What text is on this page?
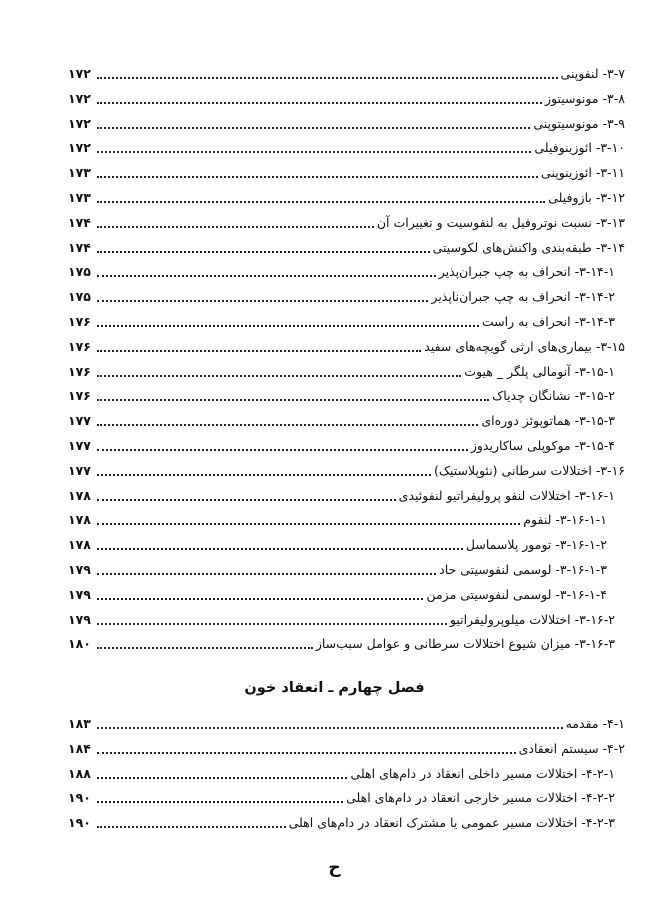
۳-۷- لنفوپنی
۱۷۲
۳-۸- مونوسیتوز
۱۷۲
۳-۹- مونوسیتوپنی
۱۷۲
۳-۱۰- ائوزینوفیلی
۱۷۲
۳-۱۱- ائوزینوپنی
۱۷۳
۳-۱۲- بازوفیلی
۱۷۳
۳-۱۳- نسبت نوتروفیل به لنفوسیت و تغییرات آن
۱۷۴
۳-۱۴- طبقه‌بندی واکنش‌های لکوسیتی
۱۷۴
۳-۱۴-۱- انحراف به چپ جبران‌پذیر
۱۷۵
۳-۱۴-۲- انحراف به چپ جبران‌ناپذیر
۱۷۵
۳-۱۴-۳- انحراف به راست
۱۷۶
۳-۱۵- بیماری‌های ارثی گویچه‌های سفید
۱۷۶
۳-۱۵-۱- آنومالی پلگر _ هیوت
۱۷۶
۳-۱۵-۲- نشانگان چدیاک
۱۷۶
۳-۱۵-۳- هماتوپوئز دوره‌ای
۱۷۷
۳-۱۵-۴- موکوپلی ساکاریدوز
۱۷۷
۳-۱۶- اختلالات سرطانی (نئوپلاستیک)
۱۷۷
۳-۱۶-۱- اختلالات لنفو پرولیفراتیو لنفوئیدی
۱۷۸
۳-۱۶-۱-۱- لنفوم
۱۷۸
۳-۱۶-۱-۲- تومور پلاسماسل
۱۷۸
۳-۱۶-۱-۳- لوسمی لنفوسیتی حاد
۱۷۹
۳-۱۶-۱-۴- لوسمی لنفوسیتی مزمن
۱۷۹
۳-۱۶-۲- اختلالات میلوپرولیفراتیو
۱۷۹
۳-۱۶-۳- میزان شیوع اختلالات سرطانی و عوامل سبب‌ساز
۱۸۰
فصل چهارم ـ انعقاد خون
۴-۱- مقدمه
۱۸۳
۴-۲- سیستم انعقادی
۱۸۴
۴-۲-۱- اختلالات مسیر داخلی انعقاد در دام‌های اهلی
۱۸۸
۴-۲-۲- اختلالات مسیر خارجی انعقاد در دام‌های اهلی
۱۹۰
۴-۲-۳- اختلالات مسیر عمومی یا مشترک انعقاد در دام‌های اهلی
۱۹۰
ح
